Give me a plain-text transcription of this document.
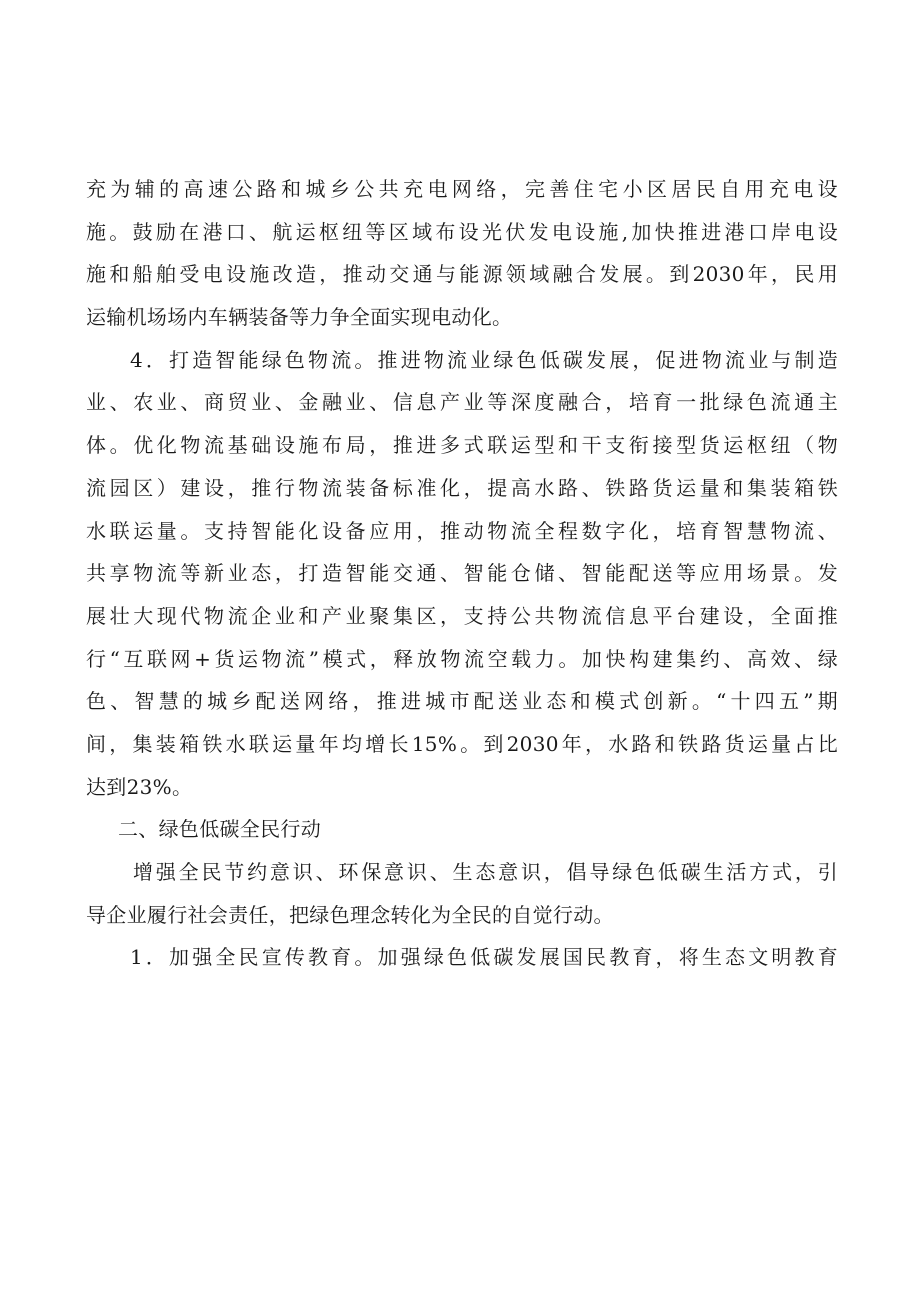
充为辅的高速公路和城乡公共充电网络，完善住宅小区居民自用充电设
施。鼓励在港口、航运枢纽等区域布设光伏发电设施,加快推进港口岸电设
施和船舶受电设施改造，推动交通与能源领域融合发展。到2030年，民用
运输机场场内车辆装备等力争全面实现电动化。
4．打造智能绿色物流。推进物流业绿色低碳发展，促进物流业与制造
业、农业、商贸业、金融业、信息产业等深度融合，培育一批绿色流通主
体。优化物流基础设施布局，推进多式联运型和干支衔接型货运枢纽（物
流园区）建设，推行物流装备标准化，提高水路、铁路货运量和集装箱铁
水联运量。支持智能化设备应用，推动物流全程数字化，培育智慧物流、
共享物流等新业态，打造智能交通、智能仓储、智能配送等应用场景。发
展壮大现代物流企业和产业聚集区，支持公共物流信息平台建设，全面推
行“互联网+货运物流”模式，释放物流空载力。加快构建集约、高效、绿
色、智慧的城乡配送网络，推进城市配送业态和模式创新。“十四五”期
间，集装箱铁水联运量年均增长15%。到2030年，水路和铁路货运量占比
达到23%。
二、绿色低碳全民行动
增强全民节约意识、环保意识、生态意识，倡导绿色低碳生活方式，引
导企业履行社会责任，把绿色理念转化为全民的自觉行动。
1．加强全民宣传教育。加强绿色低碳发展国民教育，将生态文明教育
